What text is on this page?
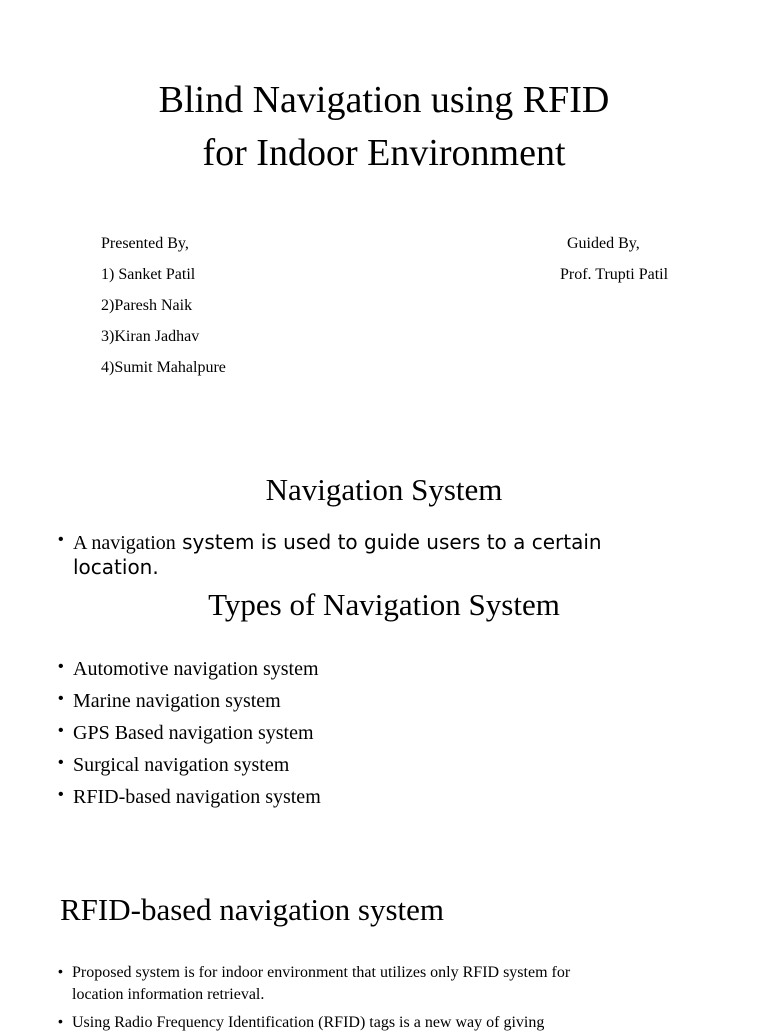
Blind Navigation using RFID
for Indoor Environment
Presented By,
1) Sanket Patil
2)Paresh Naik
3)Kiran Jadhav
4)Sumit Mahalpure
Guided By,
Prof. Trupti Patil
Navigation System
• A navigation system is used to guide users to a certain
location.
Types of Navigation System
• Automotive navigation system
• Marine navigation system
• GPS Based navigation system
• Surgical navigation system
• RFID-based navigation system
RFID-based navigation system
• Proposed system is for indoor environment that utilizes only RFID system for
location information retrieval.
• Using Radio Frequency Identification (RFID) tags is a new way of giving
